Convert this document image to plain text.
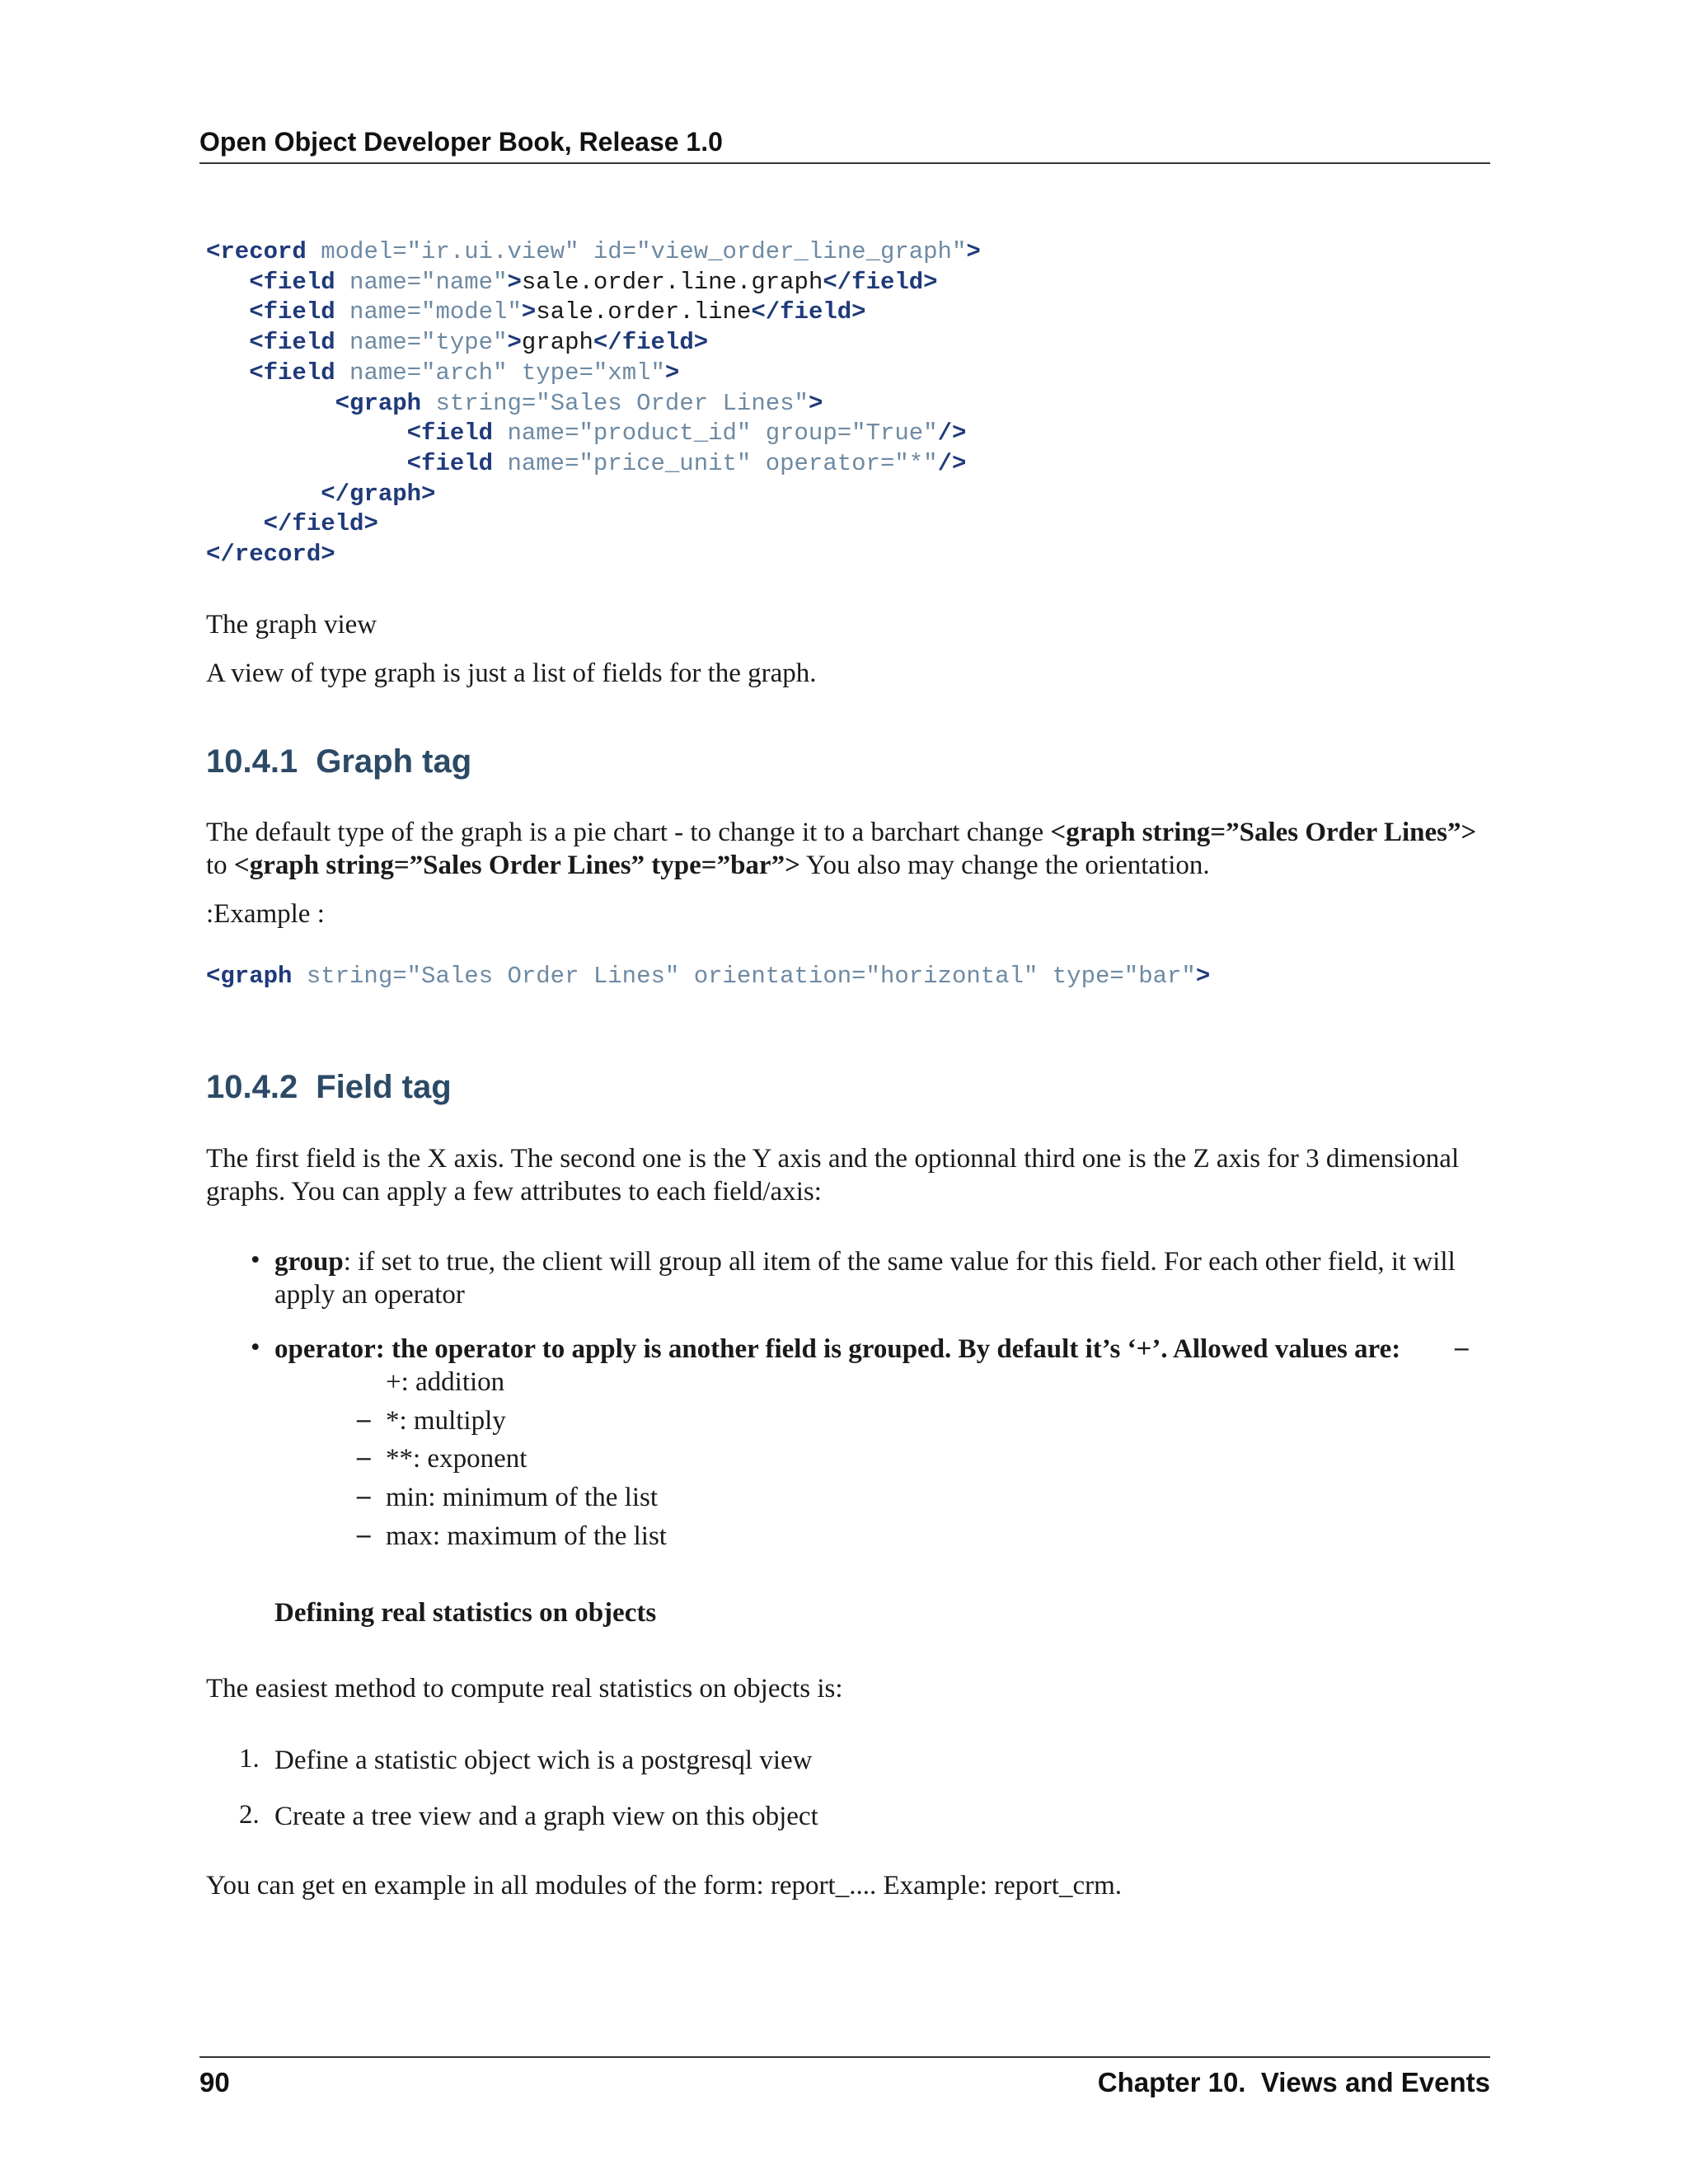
Open Object Developer Book, Release 1.0
<record model="ir.ui.view" id="view_order_line_graph">
<field name="name">sale.order.line.graph</field>
<field name="model">sale.order.line</field>
<field name="type">graph</field>
<field name="arch" type="xml">
<graph string="Sales Order Lines">
<field name="product_id" group="True"/>
<field name="price_unit" operator="*"/>
</graph>
</field>
</record>
The graph view
A view of type graph is just a list of fields for the graph.
10.4.1 Graph tag
The default type of the graph is a pie chart - to change it to a barchart change <graph string=”Sales Order Lines”>
to <graph string=”Sales Order Lines” type=”bar”> You also may change the orientation.
:Example :
<graph string="Sales Order Lines" orientation="horizontal" type="bar">
10.4.2 Field tag
The first field is the X axis. The second one is the Y axis and the optionnal third one is the Z axis for 3 dimensional
graphs. You can apply a few attributes to each field/axis:
• group: if set to true, the client will group all item of the same value for this field. For each other field, it will
apply an operator
• operator: the operator to apply is another field is grouped. By default it’s ‘+’. Allowed values are: –
+: addition
– *: multiply
– **: exponent
– min: minimum of the list
– max: maximum of the list
Defining real statistics on objects
The easiest method to compute real statistics on objects is:
1. Define a statistic object wich is a postgresql view
2. Create a tree view and a graph view on this object
You can get en example in all modules of the form: report_.... Example: report_crm.
90	Chapter 10.  Views and Events
